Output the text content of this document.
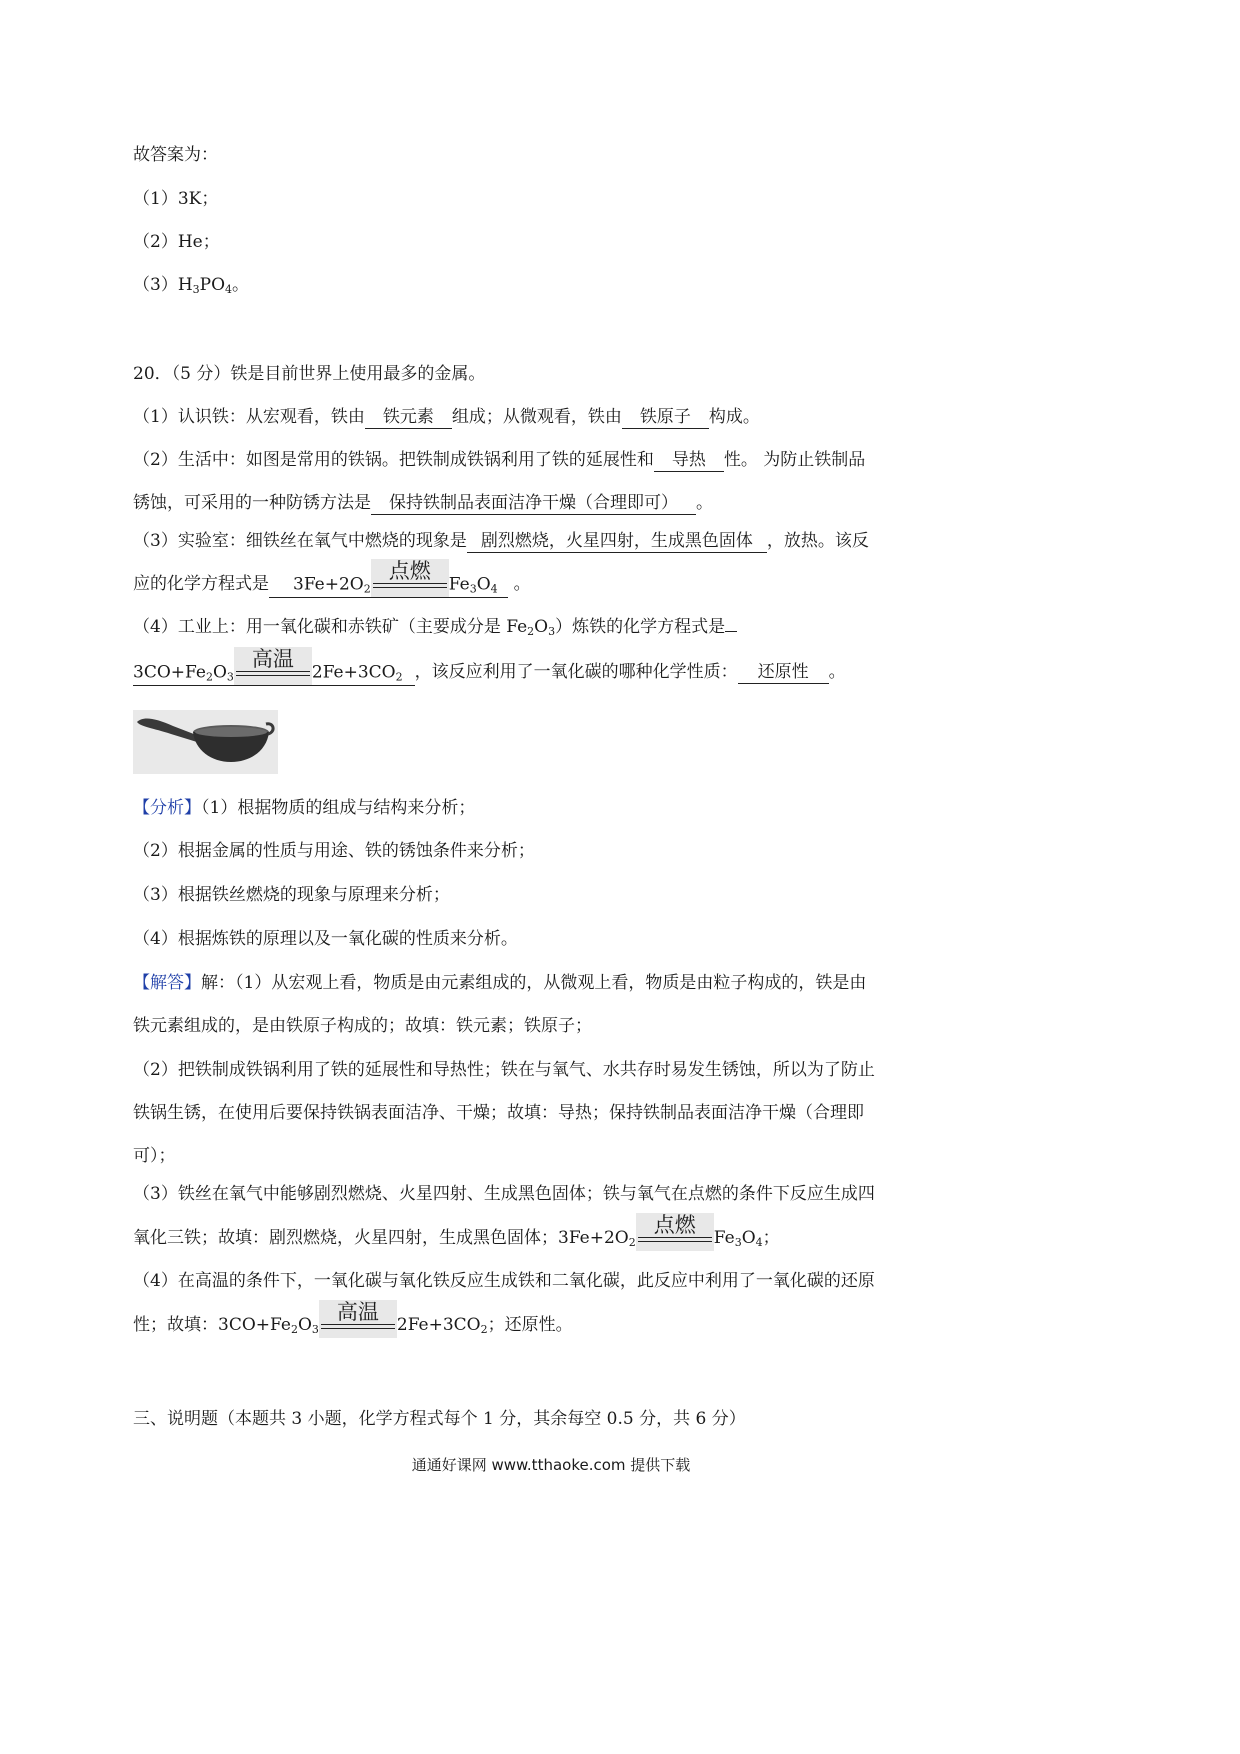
故答案为：
（1）3K；
（2）He；
$(3)H_3PO_4$。
20．（5 分）铁是目前世界上使用最多的金属。
（1）认识铁：从宏观看，铁由 铁元素 组成；从微观看，铁由 铁原子 构成。
（2）生活中：如图是常用的铁锅。把铁制成铁锅利用了铁的延展性和 导热 性。 为防止铁制品
锈蚀，可采用的一种防锈方法是 保持铁制品表面洁净干燥（合理即可） 。
（3）实验室：细铁丝在氧气中燃烧的现象是 剧烈燃烧，火星四射，生成黑色固体 ，放热。该反
应的化学方程式是 $3Fe+2O_2$
点燃
$Fe_3O_4$ 。
（4）工业上：用一氧化碳和赤铁矿（主要成分是 $Fe_2O_3$）炼铁的化学方程式是
$3CO+Fe_2O_3$
高温
$2Fe+3CO_2$ ，该反应利用了一氧化碳的哪种化学性质： 还原性 。
【分析】（1）根据物质的组成与结构来分析；
（2）根据金属的性质与用途、铁的锈蚀条件来分析；
（3）根据铁丝燃烧的现象与原理来分析；
（4）根据炼铁的原理以及一氧化碳的性质来分析。
【解答】解：（1）从宏观上看，物质是由元素组成的，从微观上看，物质是由粒子构成的，铁是由
铁元素组成的，是由铁原子构成的；故填：铁元素；铁原子；
（2）把铁制成铁锅利用了铁的延展性和导热性；铁在与氧气、水共存时易发生锈蚀，所以为了防止
铁锅生锈，在使用后要保持铁锅表面洁净、干燥；故填：导热；保持铁制品表面洁净干燥（合理即
可）；
（3）铁丝在氧气中能够剧烈燃烧、火星四射、生成黑色固体；铁与氧气在点燃的条件下反应生成四
氧化三铁；故填：剧烈燃烧，火星四射，生成黑色固体；$3Fe+2O_2$
点燃
$Fe_3O_4$；
（4）在高温的条件下，一氧化碳与氧化铁反应生成铁和二氧化碳，此反应中利用了一氧化碳的还原
性；故填：$3CO+Fe_2O_3$
高温
$2Fe+3CO_2$；还原性。
三、说明题（本题共 3 小题，化学方程式每个 1 分，其余每空 0.5 分，共 6 分）
通通好课网 www.tthaoke.com 提供下载
